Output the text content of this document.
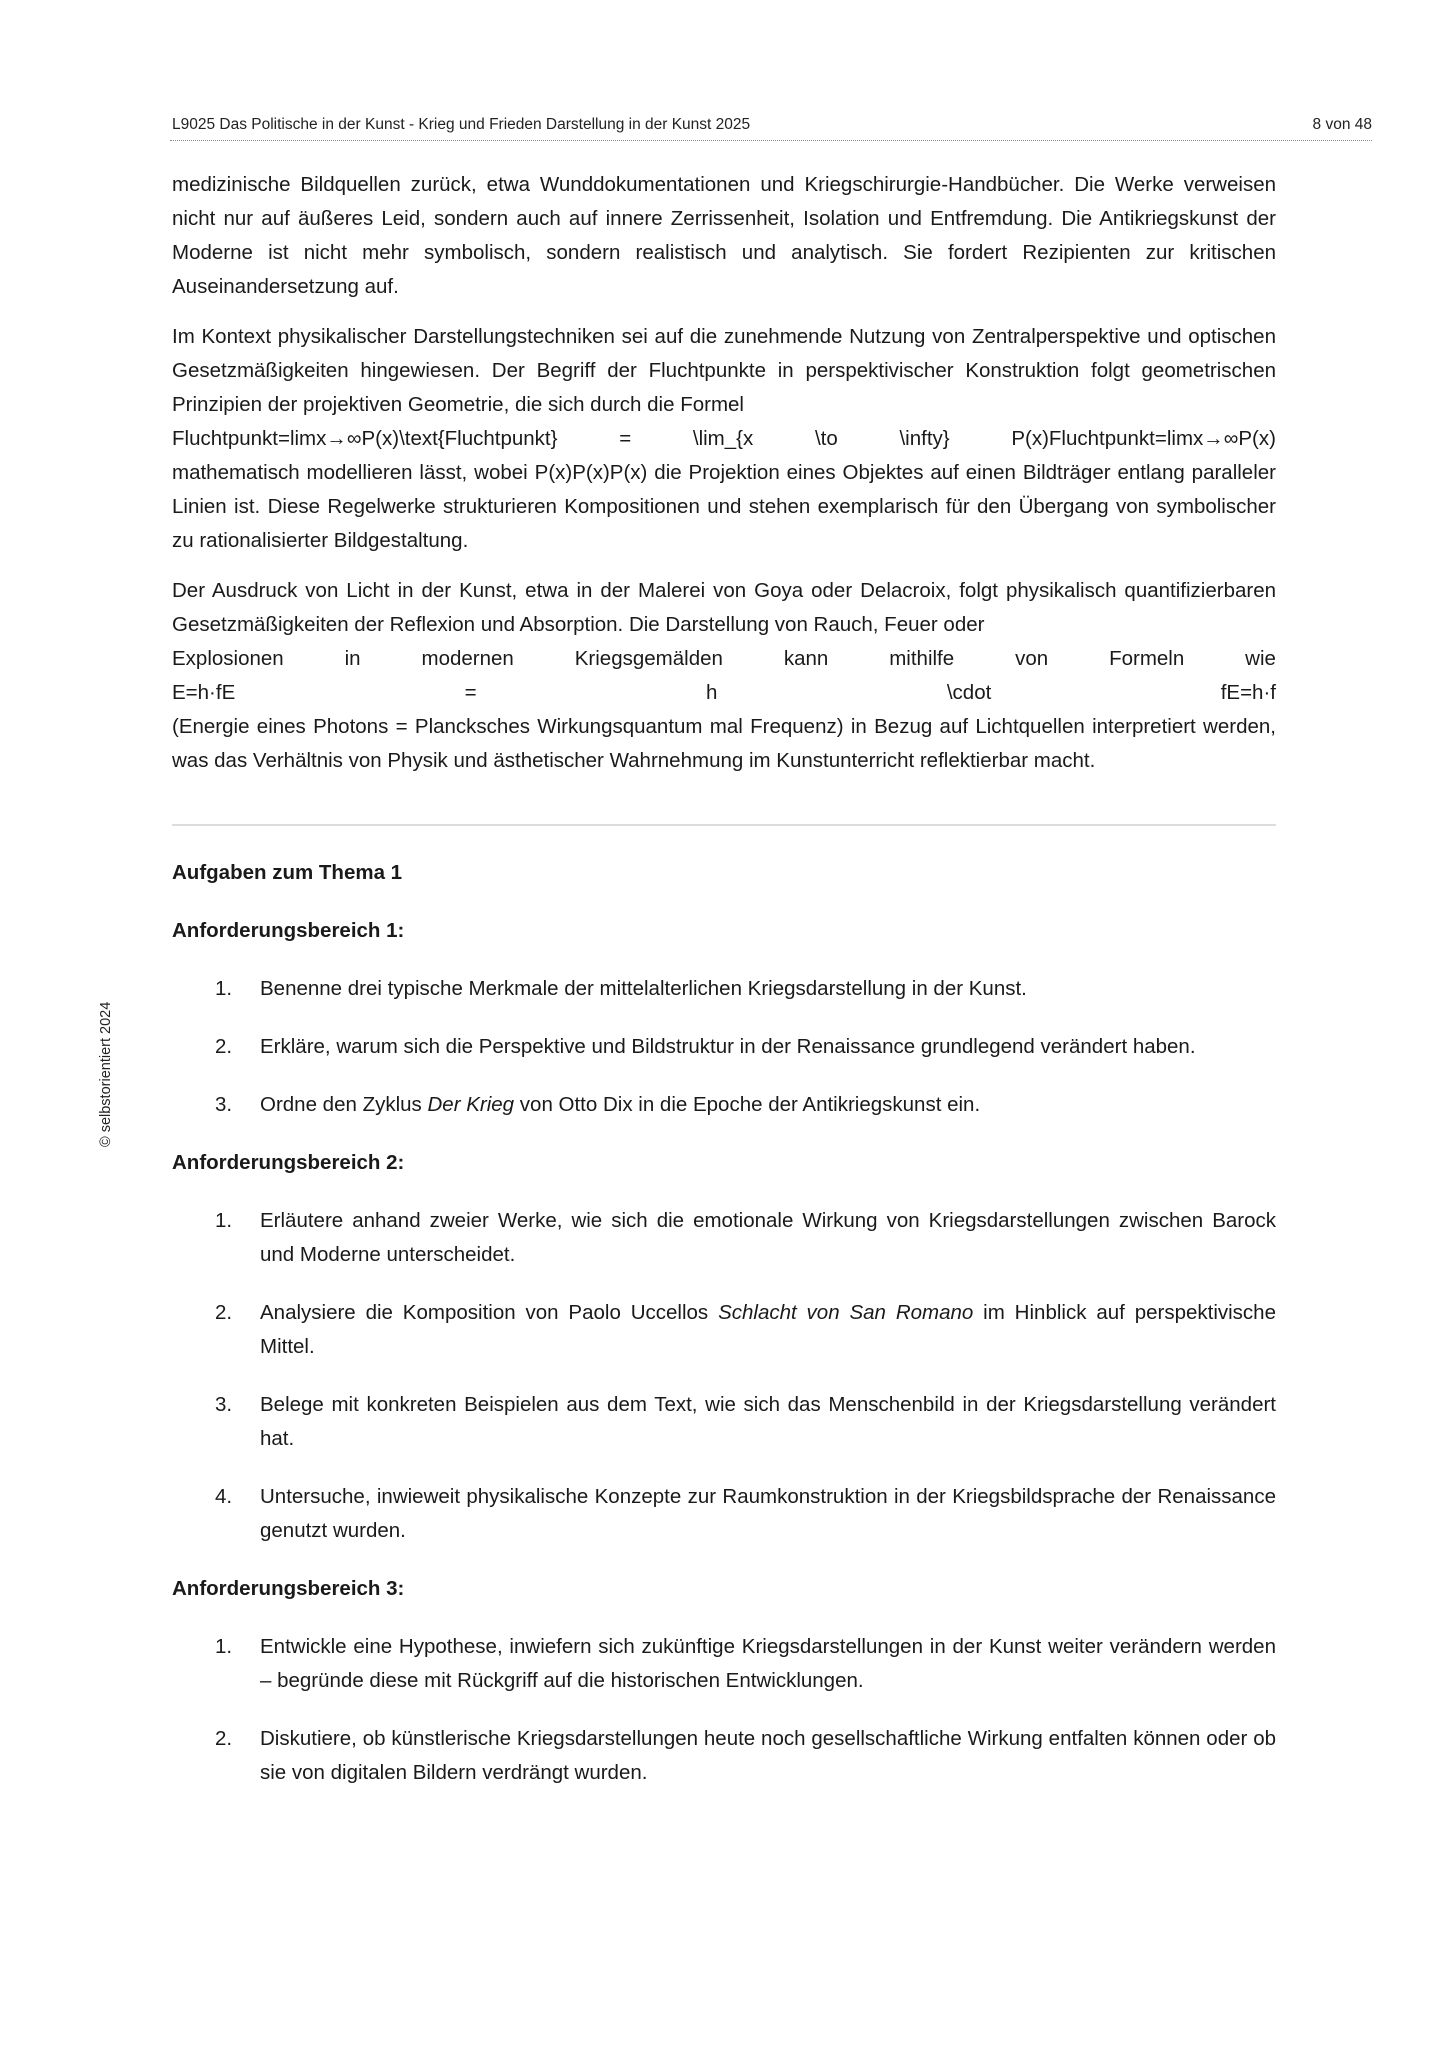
L9025 Das Politische in der Kunst - Krieg und Frieden Darstellung in der Kunst 2025	8 von 48
© selbstorientiert 2024

medizinische Bildquellen zurück, etwa Wunddokumentationen und Kriegschirurgie-Handbücher. Die Werke verweisen nicht nur auf äußeres Leid, sondern auch auf innere Zerrissenheit, Isolation und Entfremdung. Die Antikriegskunst der Moderne ist nicht mehr symbolisch, sondern realistisch und analytisch. Sie fordert Rezipienten zur kritischen Auseinandersetzung auf.

Im Kontext physikalischer Darstellungstechniken sei auf die zunehmende Nutzung von Zentralperspektive und optischen Gesetzmäßigkeiten hingewiesen. Der Begriff der Fluchtpunkte in perspektivischer Konstruktion folgt geometrischen Prinzipien der projektiven Geometrie, die sich durch die Formel
Fluchtpunkt=lim⁡x→∞P(x)\text{Fluchtpunkt}	=	\lim_{x	\to	\infty}	P(x)Fluchtpunkt=limx→∞P(x)
mathematisch modellieren lässt, wobei P(x)P(x)P(x) die Projektion eines Objektes auf einen Bildträger entlang paralleler Linien ist. Diese Regelwerke strukturieren Kompositionen und stehen exemplarisch für den Übergang von symbolischer zu rationalisierter Bildgestaltung.
Der Ausdruck von Licht in der Kunst, etwa in der Malerei von Goya oder Delacroix, folgt physikalisch quantifizierbaren Gesetzmäßigkeiten der Reflexion und Absorption. Die Darstellung von Rauch, Feuer oder
Explosionen	in	modernen	Kriegsgemälden	kann	mithilfe	von	Formeln	wie
E=h·fE	=	h	\cdot	fE=h·f
(Energie eines Photons = Plancksches Wirkungsquantum mal Frequenz) in Bezug auf Lichtquellen interpretiert werden, was das Verhältnis von Physik und ästhetischer Wahrnehmung im Kunstunterricht reflektierbar macht.
Aufgaben zum Thema 1
Anforderungsbereich 1:
1. Benenne drei typische Merkmale der mittelalterlichen Kriegsdarstellung in der Kunst.
2. Erkläre, warum sich die Perspektive und Bildstruktur in der Renaissance grundlegend verändert haben.
3. Ordne den Zyklus Der Krieg von Otto Dix in die Epoche der Antikriegskunst ein.
Anforderungsbereich 2:
1. Erläutere anhand zweier Werke, wie sich die emotionale Wirkung von Kriegsdarstellungen zwischen Barock und Moderne unterscheidet.
2. Analysiere die Komposition von Paolo Uccellos Schlacht von San Romano im Hinblick auf perspektivische Mittel.
3. Belege mit konkreten Beispielen aus dem Text, wie sich das Menschenbild in der Kriegsdarstellung verändert hat.
4. Untersuche, inwieweit physikalische Konzepte zur Raumkonstruktion in der Kriegsbildsprache der Renaissance genutzt wurden.
Anforderungsbereich 3:
1. Entwickle eine Hypothese, inwiefern sich zukünftige Kriegsdarstellungen in der Kunst weiter verändern werden – begründe diese mit Rückgriff auf die historischen Entwicklungen.
2. Diskutiere, ob künstlerische Kriegsdarstellungen heute noch gesellschaftliche Wirkung entfalten können oder ob sie von digitalen Bildern verdrängt wurden.
